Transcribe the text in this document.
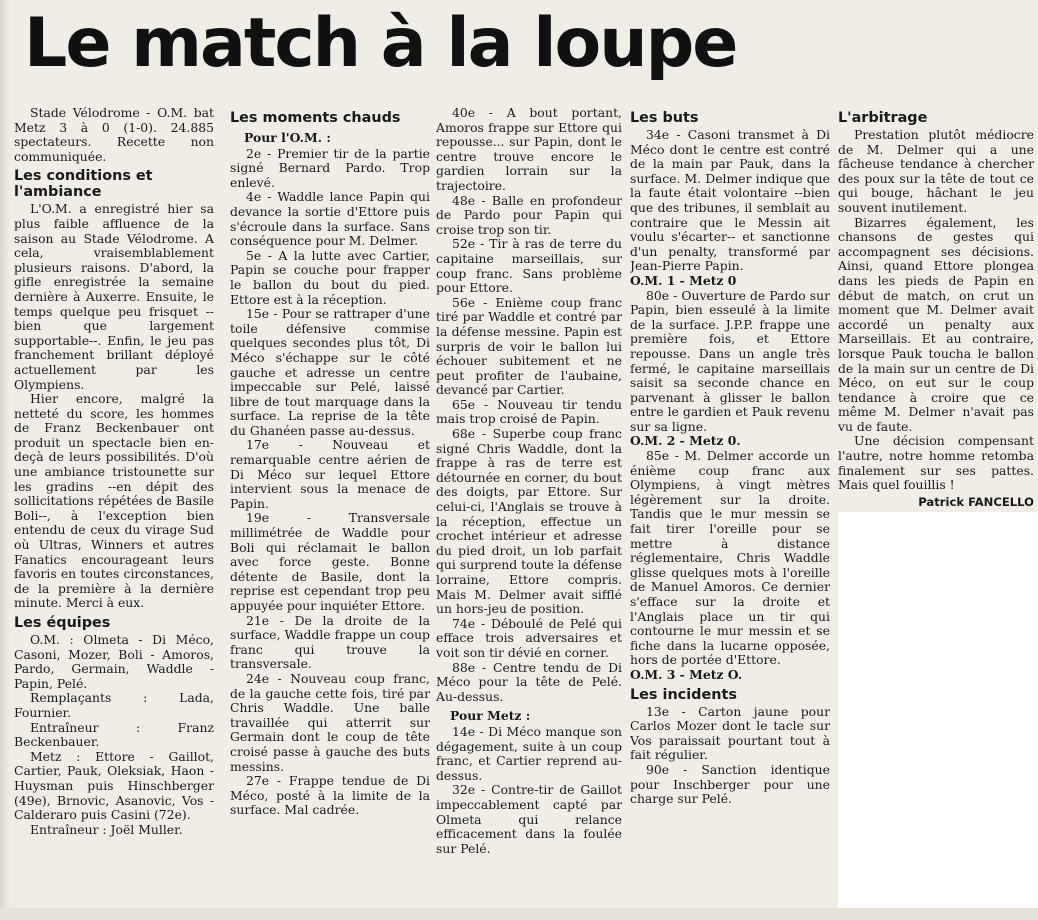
Le match à la loupe

Stade Vélodrome - O.M. bat Metz 3 à 0 (1-0). 24.885 spectateurs. Recette non communiquée.

Les conditions et l'ambiance

L'O.M. a enregistré hier sa plus faible affluence de la saison au Stade Vélodrome. A cela, vraisemblablement plusieurs raisons. D'abord, la gifle enregistrée la semaine dernière à Auxerre. Ensuite, le temps quelque peu frisquet --bien que largement supportable--. Enfin, le jeu pas franchement brillant déployé actuellement par les Olympiens.

Hier encore, malgré la netteté du score, les hommes de Franz Beckenbauer ont produit un spectacle bien en-deçà de leurs possibilités. D'où une ambiance tristounette sur les gradins --en dépit des sollicitations répétées de Basile Boli--, à l'exception bien entendu de ceux du virage Sud où Ultras, Winners et autres Fanatics encourageant leurs favoris en toutes circonstances, de la première à la dernière minute. Merci à eux.

Les équipes

O.M. : Olmeta - Di Méco, Casoni, Mozer, Boli - Amoros, Pardo, Germain, Waddle - Papin, Pelé.

Remplaçants : Lada, Fournier.

Entraîneur : Franz Beckenbauer.

Metz : Ettore - Gaillot, Cartier, Pauk, Oleksiak, Haon - Huysman puis Hinschberger (49e), Brnovic, Asanovic, Vos - Calderaro puis Casini (72e).

Entraîneur : Joël Muller.

Les moments chauds
Pour l'O.M. :

2e - Premier tir de la partie signé Bernard Pardo. Trop enlevé.

4e - Waddle lance Papin qui devance la sortie d'Ettore puis s'écroule dans la surface. Sans conséquence pour M. Delmer.

5e - A la lutte avec Cartier, Papin se couche pour frapper le ballon du bout du pied. Ettore est à la réception.

15e - Pour se rattraper d'une toile défensive commise quelques secondes plus tôt, Di Méco s'échappe sur le côté gauche et adresse un centre impeccable sur Pelé, laissé libre de tout marquage dans la surface. La reprise de la tête du Ghanéen passe au-dessus.

17e - Nouveau et remarquable centre aérien de Di Méco sur lequel Ettore intervient sous la menace de Papin.

19e - Transversale millimétrée de Waddle pour Boli qui réclamait le ballon avec force geste. Bonne détente de Basile, dont la reprise est cependant trop peu appuyée pour inquiéter Ettore.

21e - De la droite de la surface, Waddle frappe un coup franc qui trouve la transversale.

24e - Nouveau coup franc, de la gauche cette fois, tiré par Chris Waddle. Une balle travaillée qui atterrit sur Germain dont le coup de tête croisé passe à gauche des buts messins.

27e - Frappe tendue de Di Méco, posté à la limite de la surface. Mal cadrée.

40e - A bout portant, Amoros frappe sur Ettore qui repousse... sur Papin, dont le centre trouve encore le gardien lorrain sur la trajectoire.

48e - Balle en profondeur de Pardo pour Papin qui croise trop son tir.

52e - Tir à ras de terre du capitaine marseillais, sur coup franc. Sans problème pour Ettore.

56e - Enième coup franc tiré par Waddle et contré par la défense messine. Papin est surpris de voir le ballon lui échouer subitement et ne peut profiter de l'aubaine, devancé par Cartier.

65e - Nouveau tir tendu mais trop croisé de Papin.

68e - Superbe coup franc signé Chris Waddle, dont la frappe à ras de terre est détournée en corner, du bout des doigts, par Ettore. Sur celui-ci, l'Anglais se trouve à la réception, effectue un crochet intérieur et adresse du pied droit, un lob parfait qui surprend toute la défense lorraine, Ettore compris. Mais M. Delmer avait sifflé un hors-jeu de position.

74e - Déboulé de Pelé qui efface trois adversaires et voit son tir dévié en corner.

88e - Centre tendu de Di Méco pour la tête de Pelé. Au-dessus.

Pour Metz :

14e - Di Méco manque son dégagement, suite à un coup franc, et Cartier reprend au-dessus.

32e - Contre-tir de Gaillot impeccablement capté par Olmeta qui relance efficacement dans la foulée sur Pelé.

Les buts

34e - Casoni transmet à Di Méco dont le centre est contré de la main par Pauk, dans la surface. M. Delmer indique que la faute était volontaire --bien que des tribunes, il semblait au contraire que le Messin ait voulu s'écarter-- et sanctionne d'un penalty, transformé par Jean-Pierre Papin.

O.M. 1 - Metz 0

80e - Ouverture de Pardo sur Papin, bien esseulé à la limite de la surface. J.P.P. frappe une première fois, et Ettore repousse. Dans un angle très fermé, le capitaine marseillais saisit sa seconde chance en parvenant à glisser le ballon entre le gardien et Pauk revenu sur sa ligne.

O.M. 2 - Metz 0.

85e - M. Delmer accorde un énième coup franc aux Olympiens, à vingt mètres légèrement sur la droite. Tandis que le mur messin se fait tirer l'oreille pour se mettre à distance réglementaire, Chris Waddle glisse quelques mots à l'oreille de Manuel Amoros. Ce dernier s'efface sur la droite et l'Anglais place un tir qui contourne le mur messin et se fiche dans la lucarne opposée, hors de portée d'Ettore.

O.M. 3 - Metz O.

Les incidents

13e - Carton jaune pour Carlos Mozer dont le tacle sur Vos paraissait pourtant tout à fait régulier.

90e - Sanction identique pour Inschberger pour une charge sur Pelé.

L'arbitrage

Prestation plutôt médiocre de M. Delmer qui a une fâcheuse tendance à chercher des poux sur la tête de tout ce qui bouge, hâchant le jeu souvent inutilement.

Bizarres également, les chansons de gestes qui accompagnent ses décisions. Ainsi, quand Ettore plongea dans les pieds de Papin en début de match, on crut un moment que M. Delmer avait accordé un penalty aux Marseillais. Et au contraire, lorsque Pauk toucha le ballon de la main sur un centre de Di Méco, on eut sur le coup tendance à croire que ce même M. Delmer n'avait pas vu de faute.

Une décision compensant l'autre, notre homme retomba finalement sur ses pattes. Mais quel fouillis !

Patrick FANCELLO
